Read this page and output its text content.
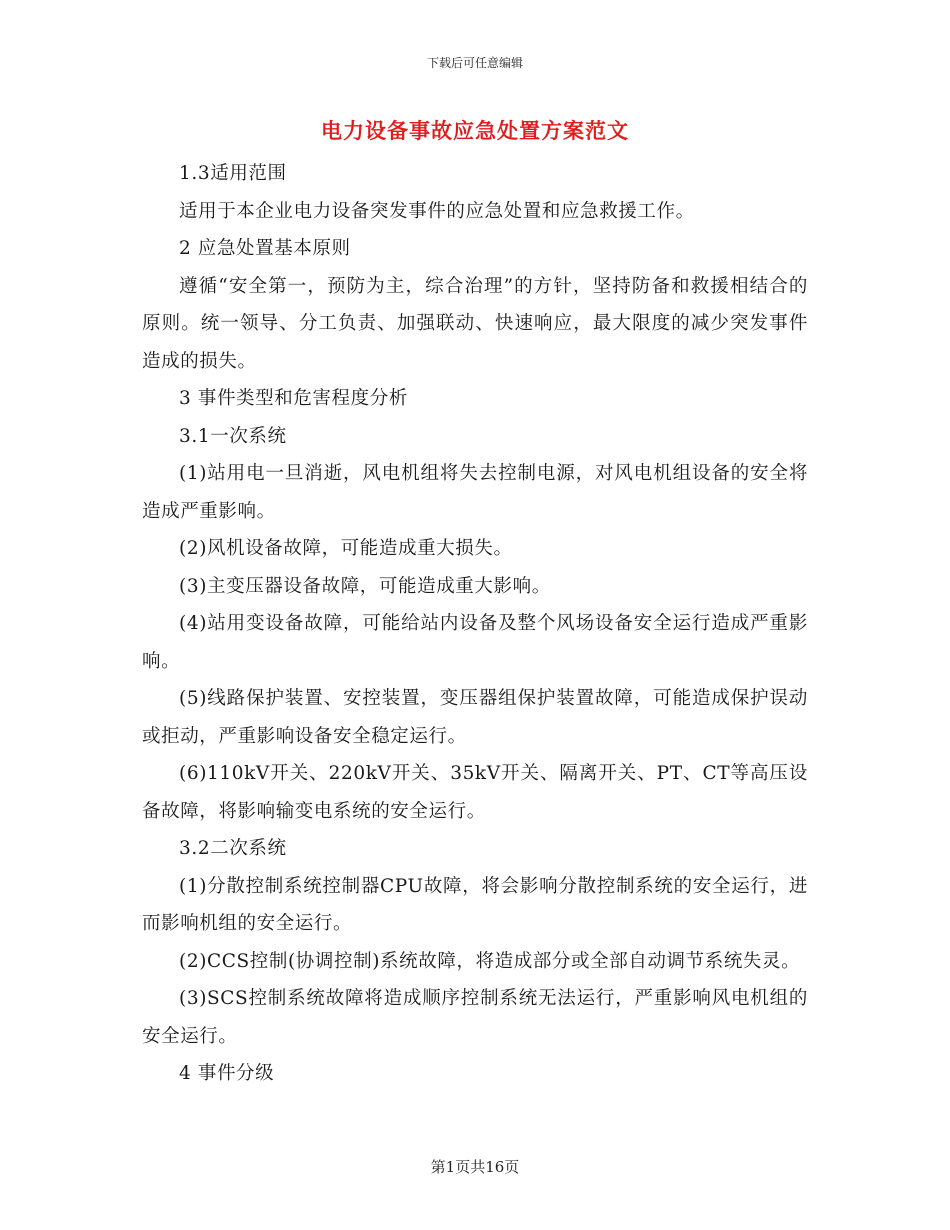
下载后可任意编辑
电力设备事故应急处置方案范文

1.3适用范围

适用于本企业电力设备突发事件的应急处置和应急救援工作。

2 应急处置基本原则

遵循“安全第一，预防为主，综合治理”的方针，坚持防备和救援相结合的原则。统一领导、分工负责、加强联动、快速响应，最大限度的减少突发事件造成的损失。

3 事件类型和危害程度分析

3.1一次系统

(1)站用电一旦消逝，风电机组将失去控制电源，对风电机组设备的安全将造成严重影响。

(2)风机设备故障，可能造成重大损失。

(3)主变压器设备故障，可能造成重大影响。

(4)站用变设备故障，可能给站内设备及整个风场设备安全运行造成严重影响。

(5)线路保护装置、安控装置，变压器组保护装置故障，可能造成保护误动或拒动，严重影响设备安全稳定运行。

(6)110kV开关、220kV开关、35kV开关、隔离开关、PT、CT等高压设备故障，将影响输变电系统的安全运行。

3.2二次系统

(1)分散控制系统控制器CPU故障，将会影响分散控制系统的安全运行，进而影响机组的安全运行。

(2)CCS控制(协调控制)系统故障，将造成部分或全部自动调节系统失灵。

(3)SCS控制系统故障将造成顺序控制系统无法运行，严重影响风电机组的安全运行。

4 事件分级

第1页共16页
